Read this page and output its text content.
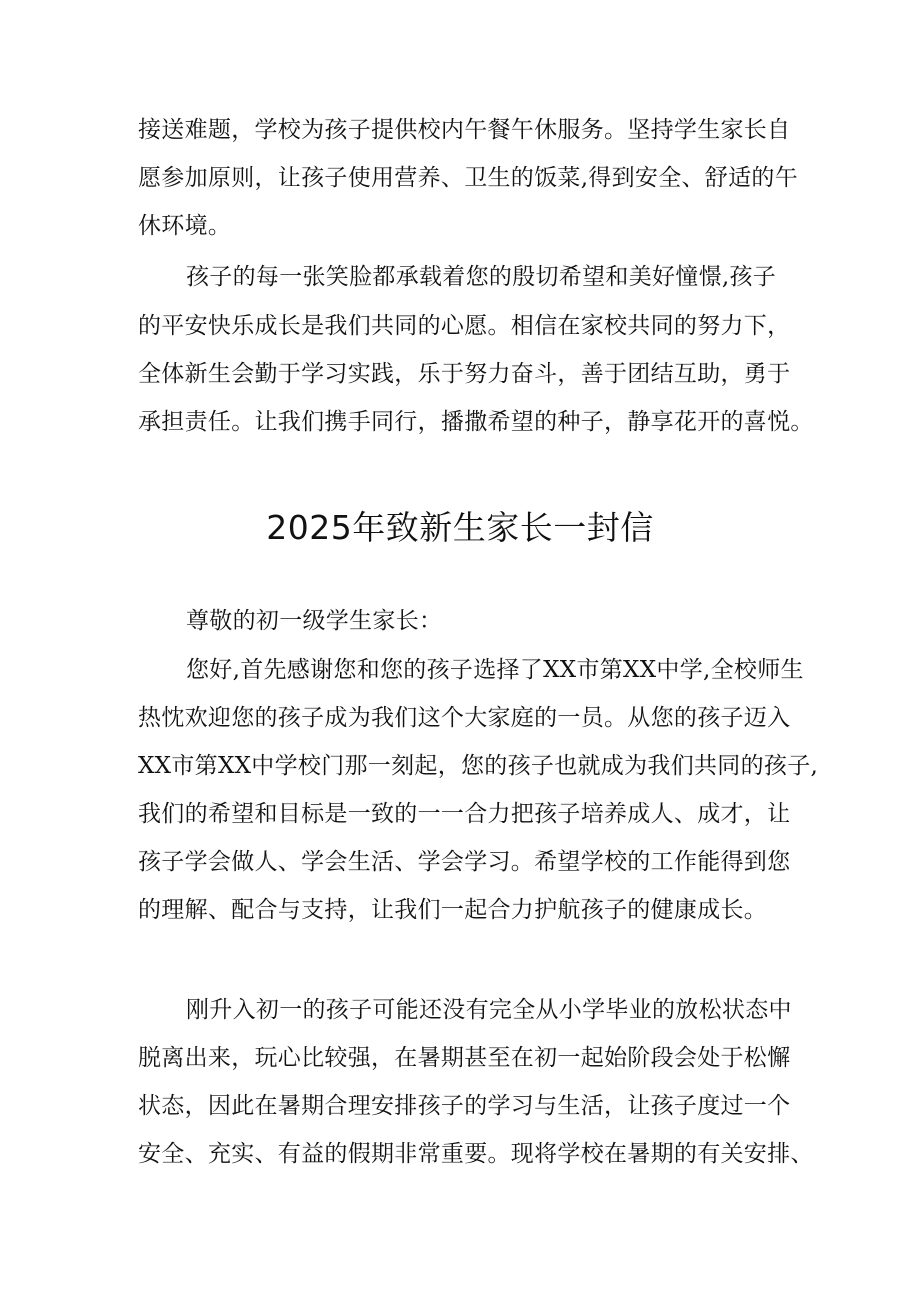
接送难题，学校为孩子提供校内午餐午休服务。坚持学生家长自
愿参加原则，让孩子使用营养、卫生的饭菜,得到安全、舒适的午
休环境。
孩子的每一张笑脸都承载着您的殷切希望和美好憧憬,孩子
的平安快乐成长是我们共同的心愿。相信在家校共同的努力下，
全体新生会勤于学习实践，乐于努力奋斗，善于团结互助，勇于
承担责任。让我们携手同行，播撒希望的种子，静享花开的喜悦。
2025年致新生家长一封信
尊敬的初一级学生家长：
您好,首先感谢您和您的孩子选择了XX市第XX中学,全校师生
热忱欢迎您的孩子成为我们这个大家庭的一员。从您的孩子迈入
XX市第XX中学校门那一刻起，您的孩子也就成为我们共同的孩子,
我们的希望和目标是一致的一一合力把孩子培养成人、成才，让
孩子学会做人、学会生活、学会学习。希望学校的工作能得到您
的理解、配合与支持，让我们一起合力护航孩子的健康成长。
刚升入初一的孩子可能还没有完全从小学毕业的放松状态中
脱离出来，玩心比较强，在暑期甚至在初一起始阶段会处于松懈
状态，因此在暑期合理安排孩子的学习与生活，让孩子度过一个
安全、充实、有益的假期非常重要。现将学校在暑期的有关安排、
